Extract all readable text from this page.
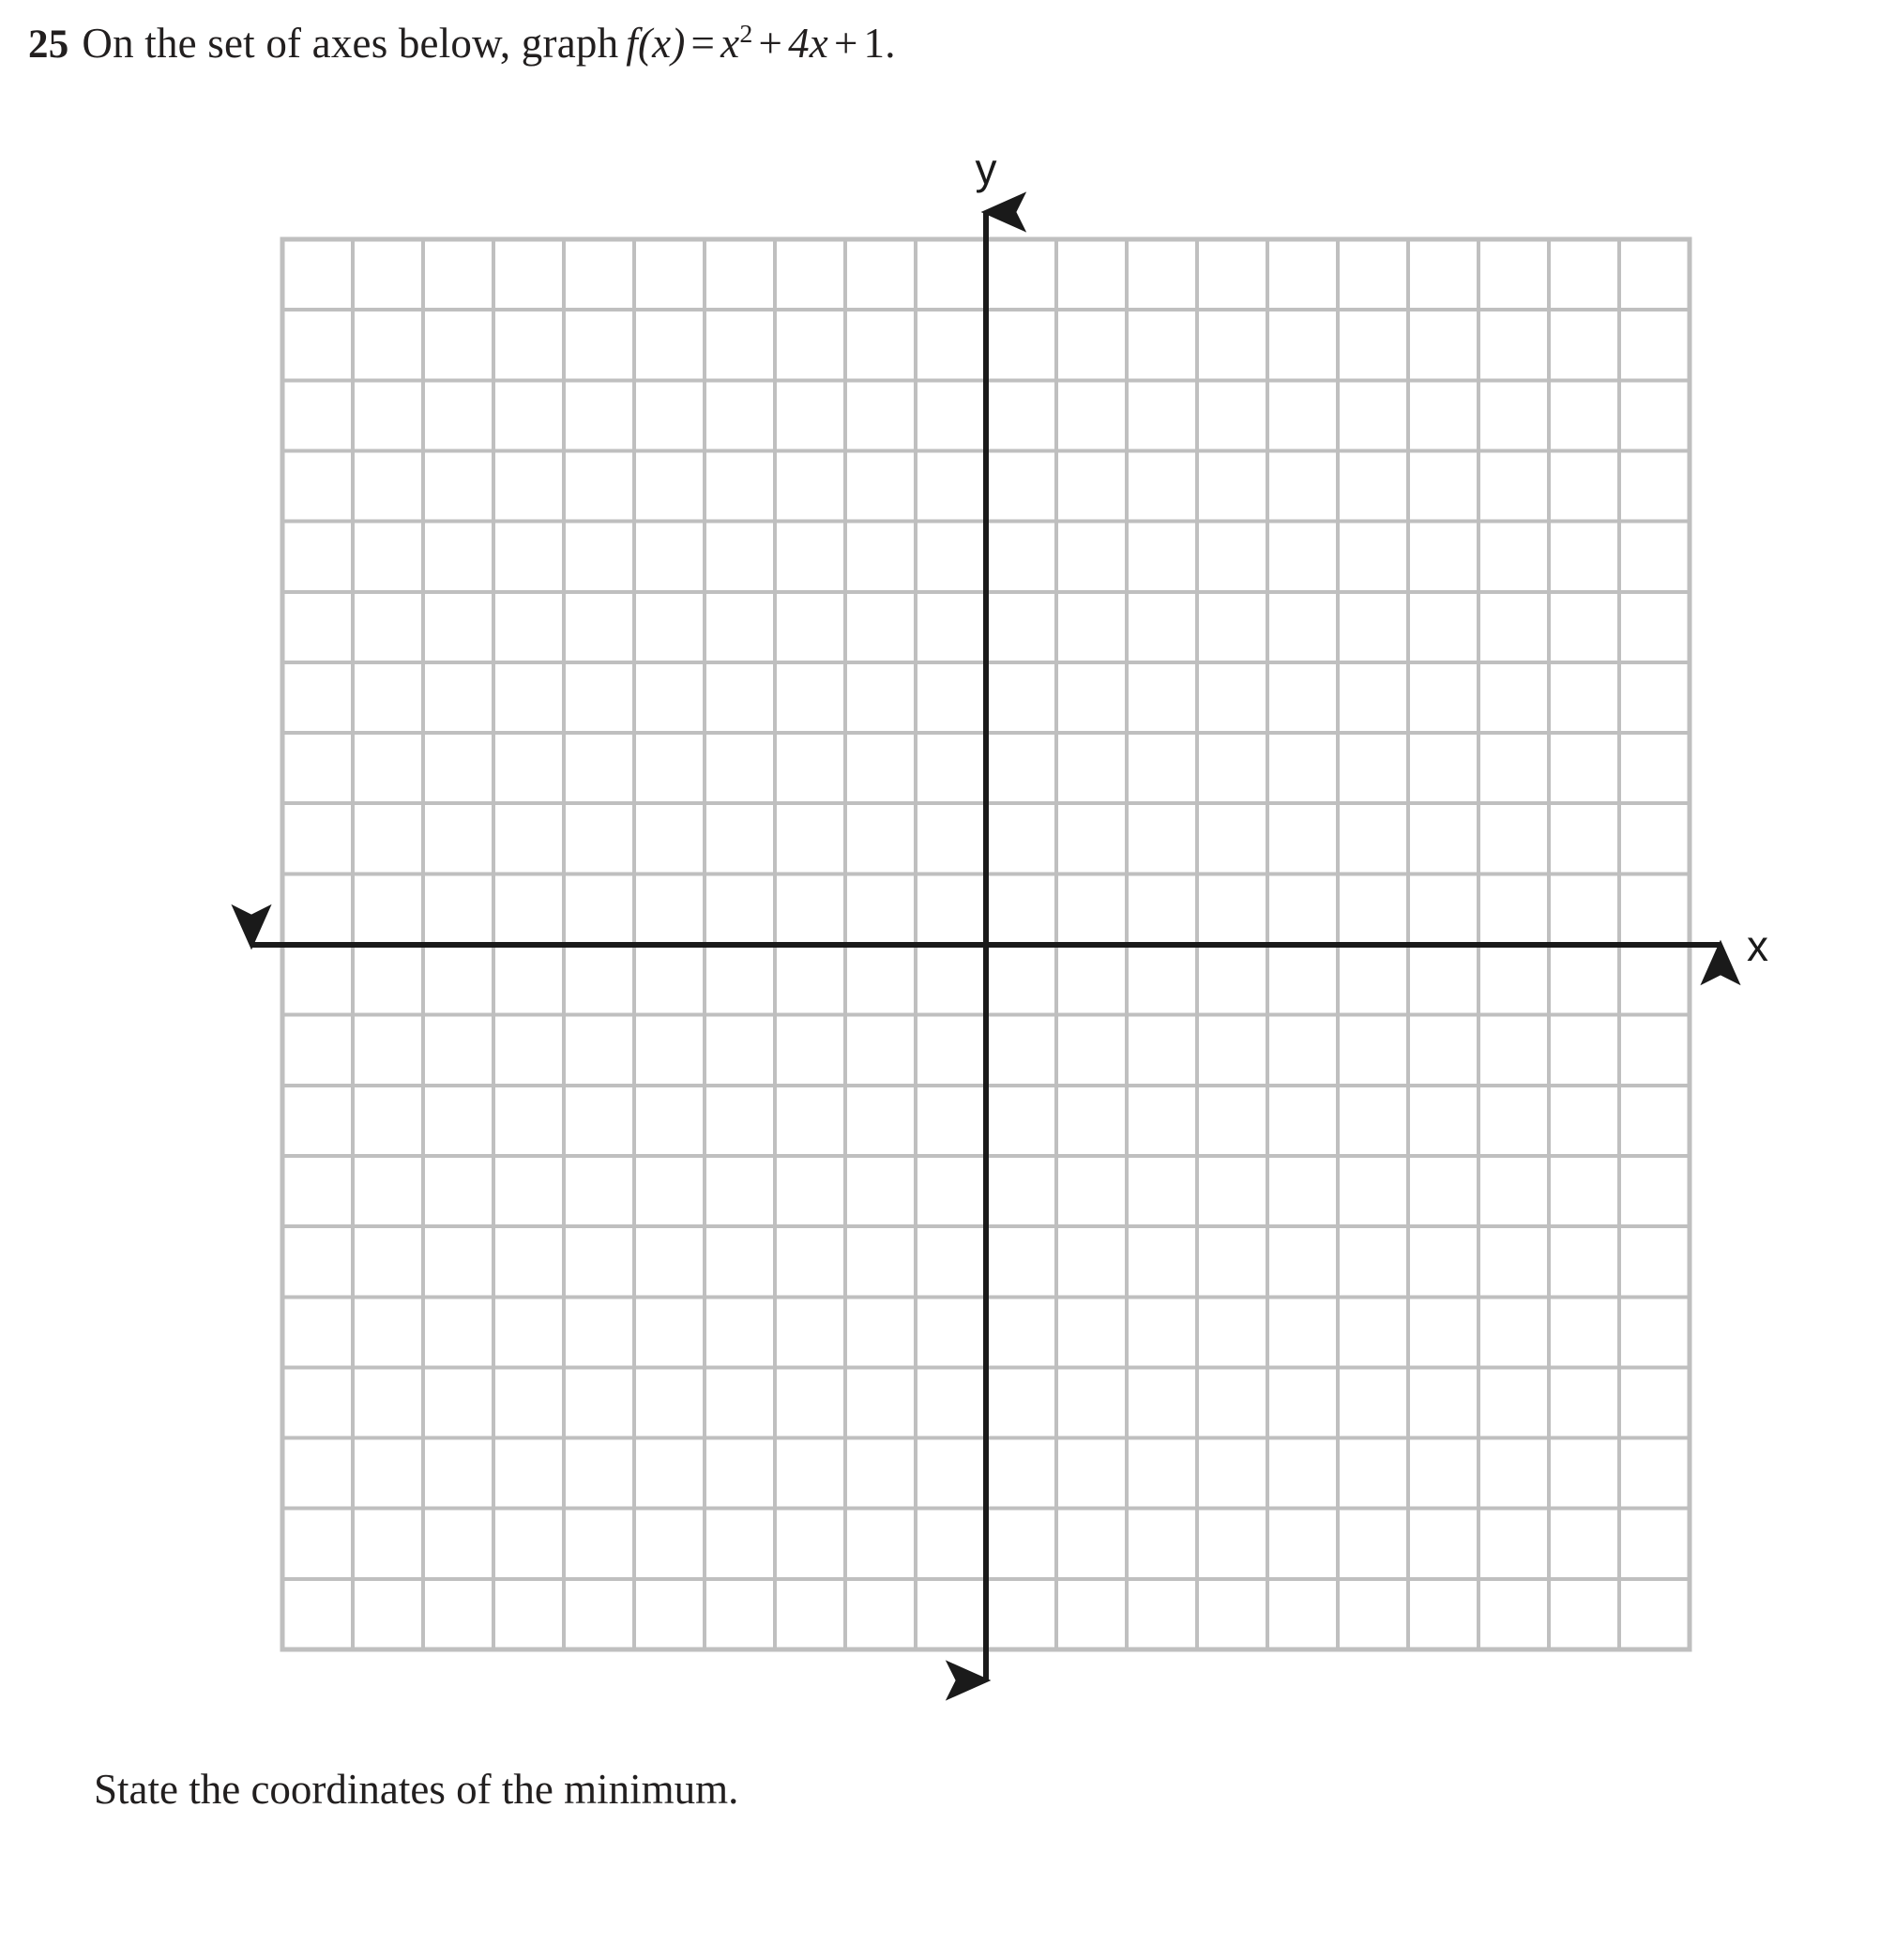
25 On the set of axes below, graph $f(x) = x^2 + 4x + 1$.
y
x
State the coordinates of the minimum.
